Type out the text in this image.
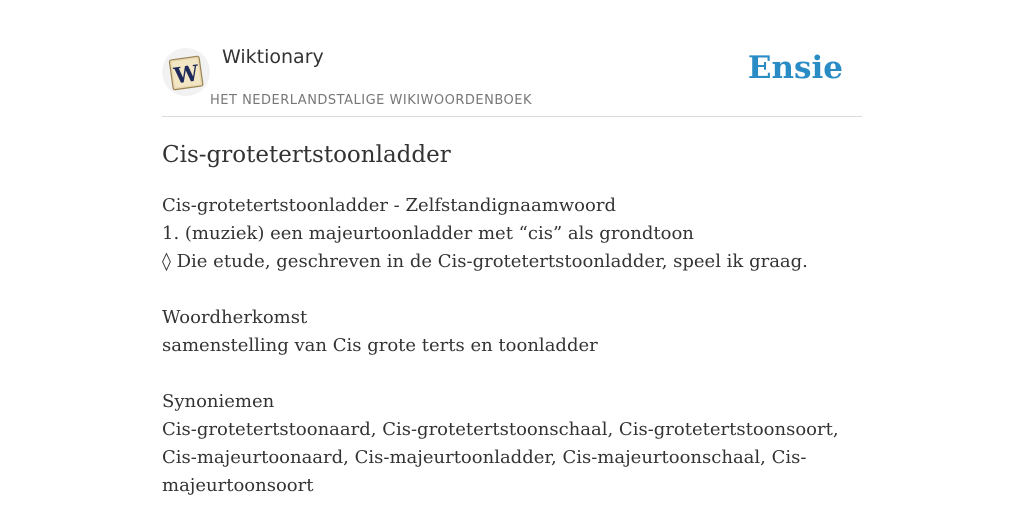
W
Wiktionary
HET NEDERLANDSTALIGE WIKIWOORDENBOEK
Ensie
Cis-grotetertstoonladder
Cis-grotetertstoonladder - Zelfstandignaamwoord
1. (muziek) een majeurtoonladder met “cis” als grondtoon
◊ Die etude, geschreven in de Cis-grotetertstoonladder, speel ik graag.
Woordherkomst
samenstelling van Cis grote terts en toonladder
Synoniemen
Cis-grotetertstoonaard, Cis-grotetertstoonschaal, Cis-grotetertstoonsoort, Cis-majeurtoonaard, Cis-majeurtoonladder, Cis-majeurtoonschaal, Cis-majeurtoonsoort
